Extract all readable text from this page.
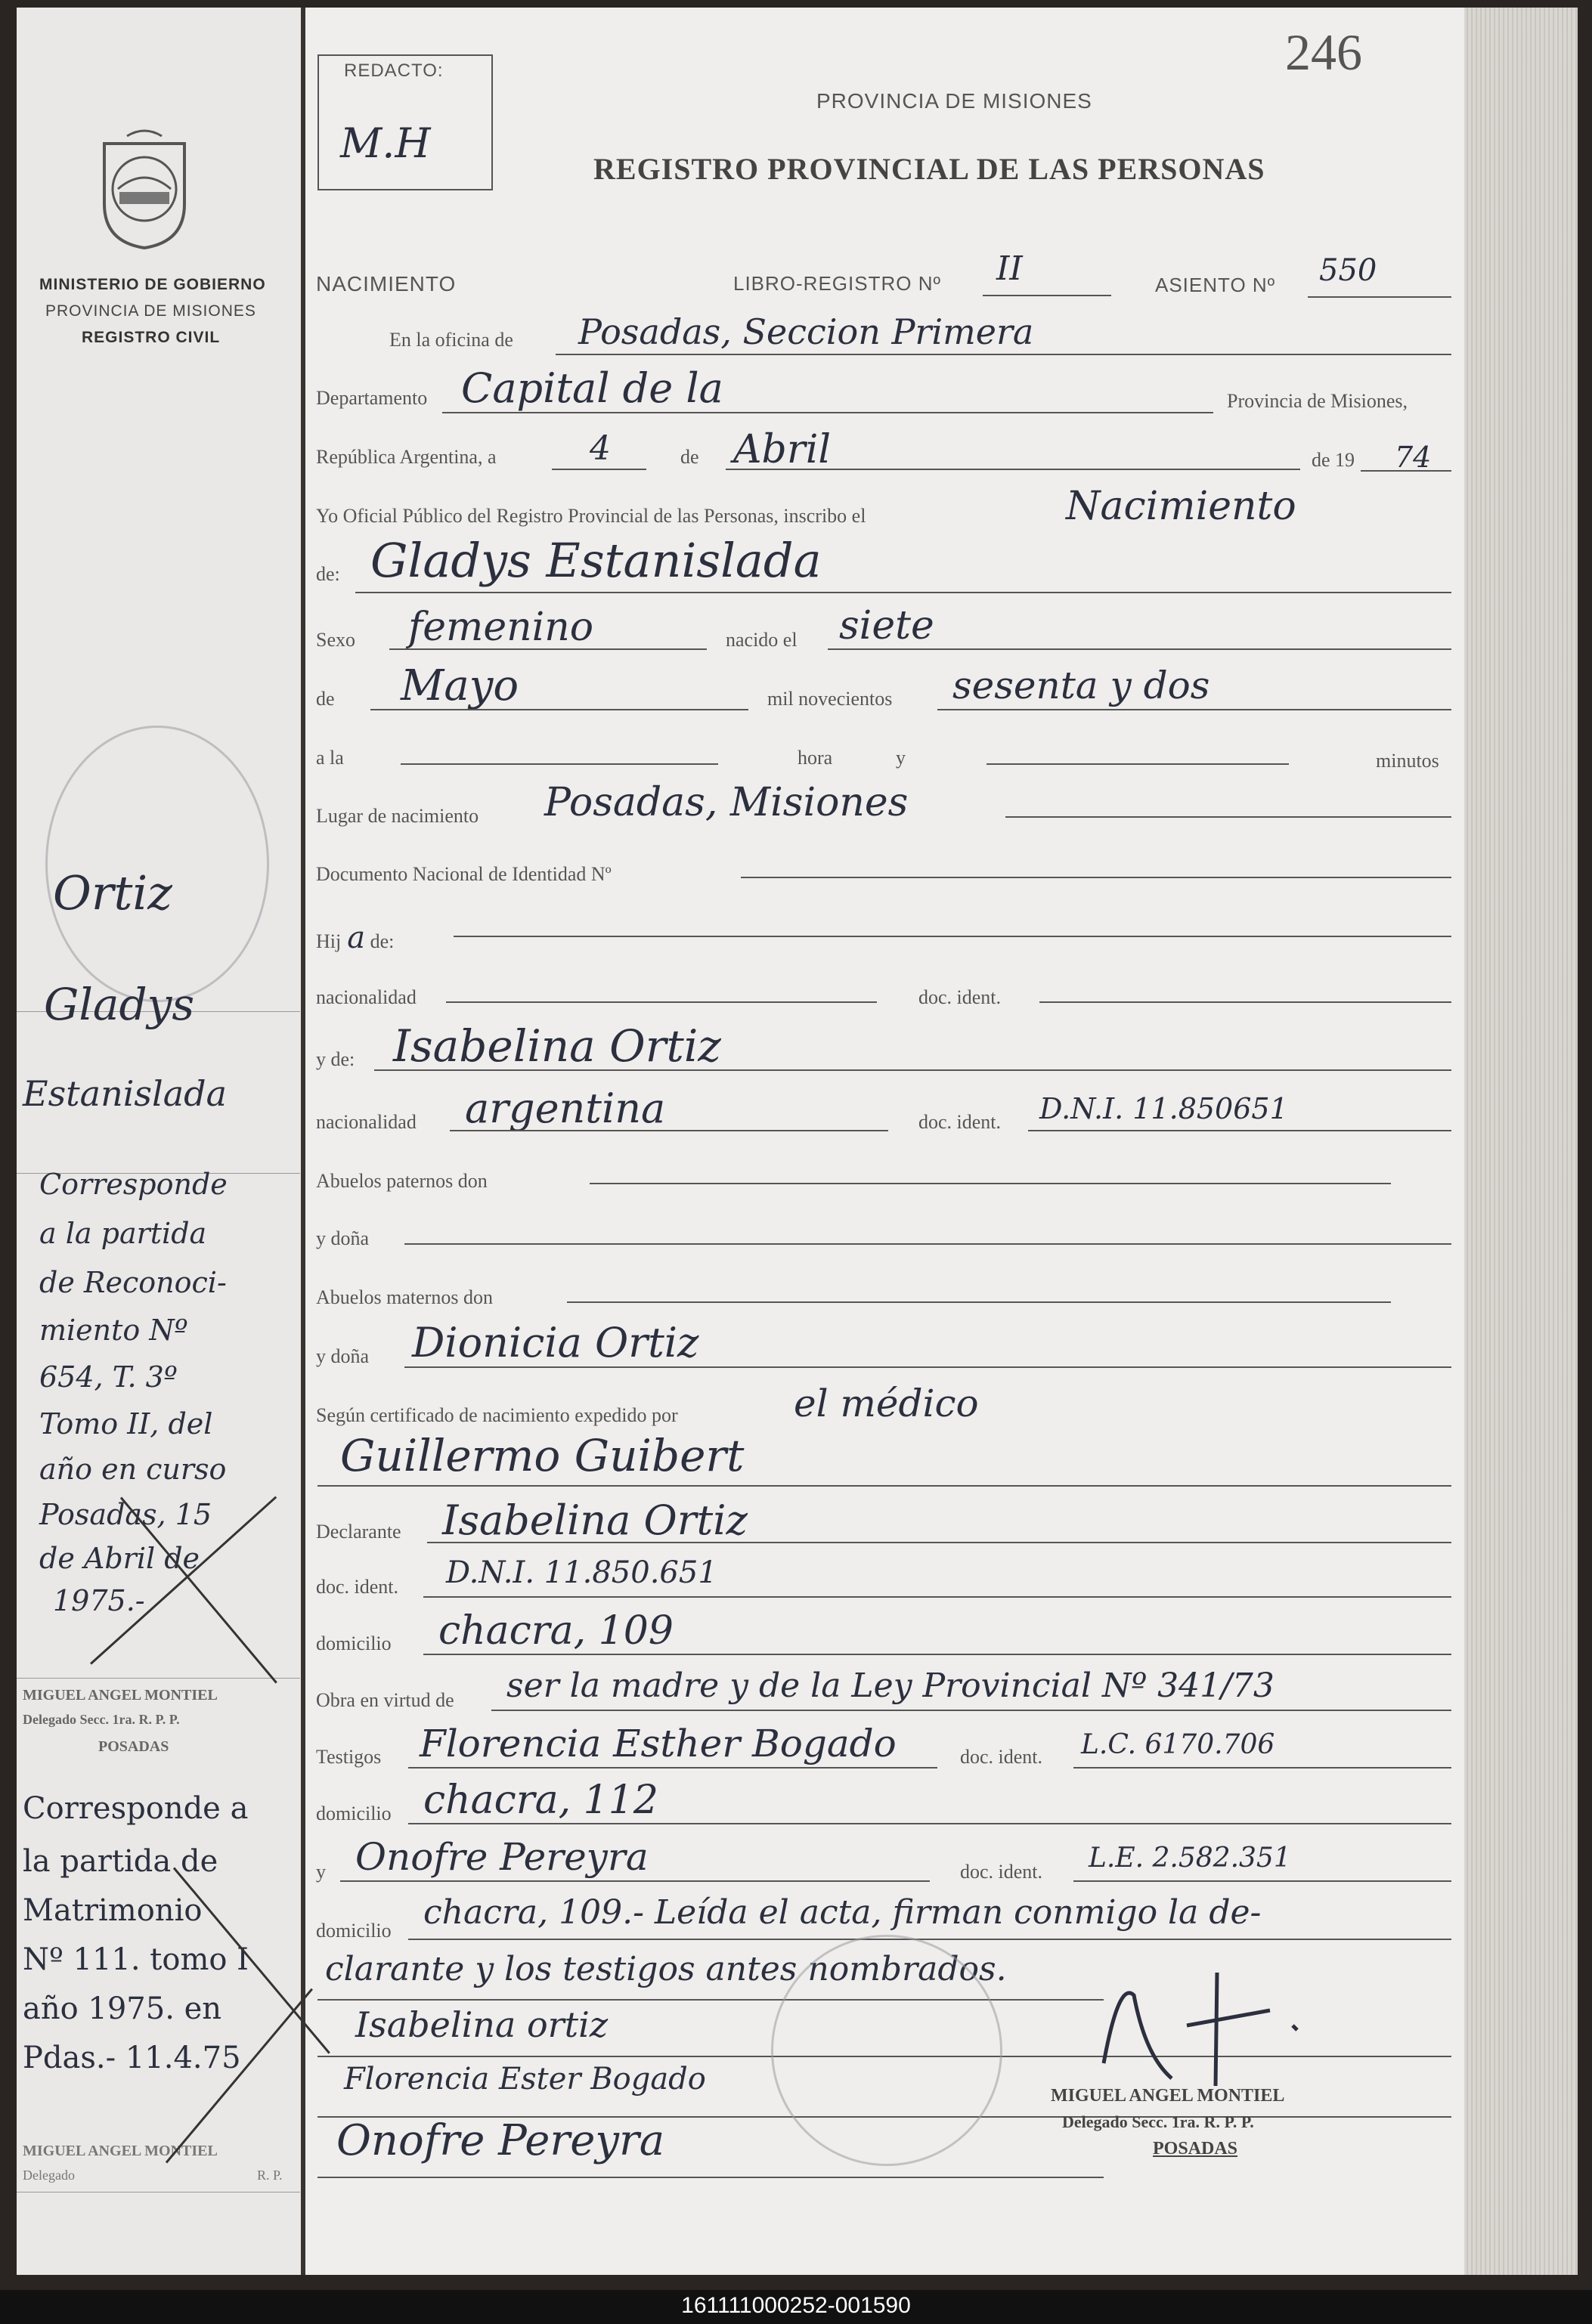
MINISTERIO DE GOBIERNO
PROVINCIA DE MISIONES
REGISTRO CIVIL
REDACTO:
M.H
246
PROVINCIA DE MISIONES
REGISTRO PROVINCIAL DE LAS PERSONAS
NACIMIENTO	LIBRO-REGISTRO Nº II	ASIENTO Nº 550
En la oficina de Posadas, Seccion Primera
Departamento Capital de la	Provincia de Misiones,
República Argentina, a	4	de Abril	de 19 74
Yo Oficial Público del Registro Provincial de las Personas, inscribo el	Nacimiento
de: Gladys Estanislada
Sexo femenino	nacido el siete
de Mayo	mil novecientos sesenta y dos
a la	hora	y	minutos
Lugar de nacimiento Posadas, Misiones
Documento Nacional de Identidad Nº
Hij a de:
nacionalidad	doc. ident.
y de: Isabelina Ortiz
nacionalidad argentina	doc. ident. D.N.I. 11.850651
Abuelos paternos don
y doña
Abuelos maternos don
y doña Dionicia Ortiz
Según certificado de nacimiento expedido por	el médico
Guillermo Guibert
Declarante Isabelina Ortiz
doc. ident. D.N.I. 11.850.651
domicilio chacra, 109
Obra en virtud de ser la madre y de la Ley Provincial Nº 341/73
Testigos Florencia Esther Bogado	doc. ident. L.C. 6170.706
domicilio chacra, 112
y Onofre Pereyra	doc. ident. L.E. 2.582.351
domicilio chacra, 109.- Leída el acta, firman conmigo la de-
clarante y los testigos antes nombrados.
Isabelina ortiz
Florencia Ester Bogado
Onofre Pereyra
MIGUEL ANGEL MONTIEL
Delegado Secc. 1ra. R. P. P.
POSADAS
Ortiz
Gladys
Estanislada
Corresponde
a la partida
de Reconoci-
miento Nº
654, T. 3º
Tomo II, del
año en curso
Posadas, 15
de Abril de
1975.-
MIGUEL ANGEL MONTIEL
Delegado Secc. 1ra. R. P. P.
POSADAS
Corresponde a
la partida de
Matrimonio
Nº 111. tomo I
año 1975. en
Pdas.- 11.4.75
MIGUEL ANGEL MONTIEL
Delegado	R. P.
161111000252-001590
